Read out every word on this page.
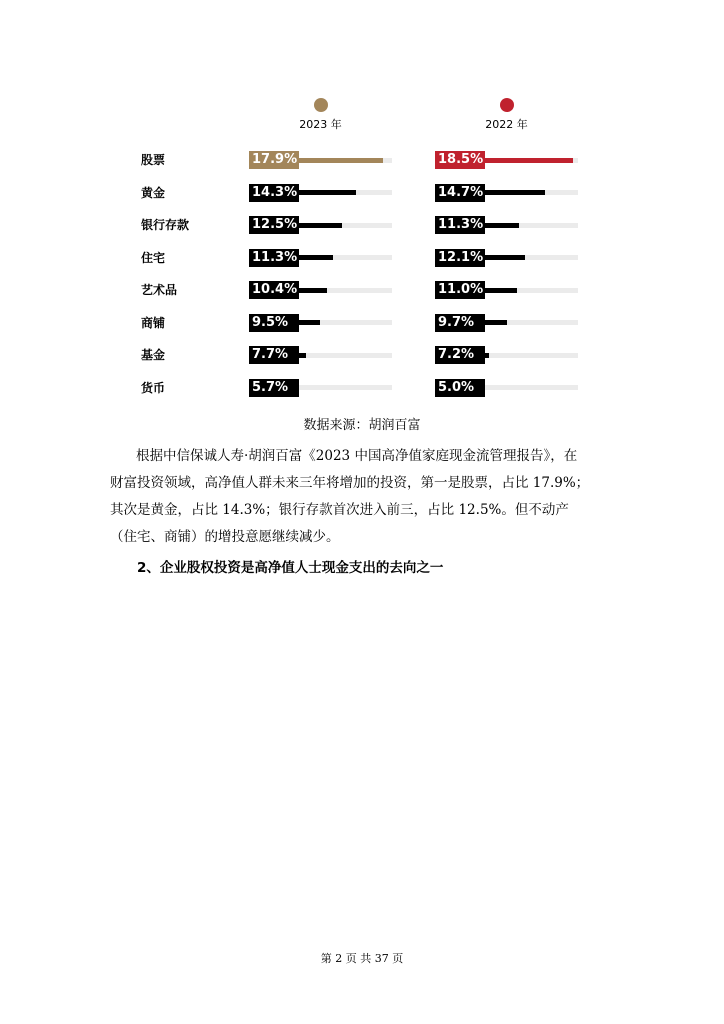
2023 年	2022 年
股票	17.9%	18.5%
黄金	14.3%	14.7%
银行存款	12.5%	11.3%
住宅	11.3%	12.1%
艺术品	10.4%	11.0%
商铺	9.5%	9.7%
基金	7.7%	7.2%
货币	5.7%	5.0%
数据来源：胡润百富

根据中信保诚人寿·胡润百富《2023 中国高净值家庭现金流管理报告》，在
财富投资领域，高净值人群未来三年将增加的投资，第一是股票，占比 17.9%；
其次是黄金，占比 14.3%；银行存款首次进入前三，占比 12.5%。但不动产
（住宅、商铺）的增投意愿继续减少。

2、企业股权投资是高净值人士现金支出的去向之一
第 2 页 共 37 页
